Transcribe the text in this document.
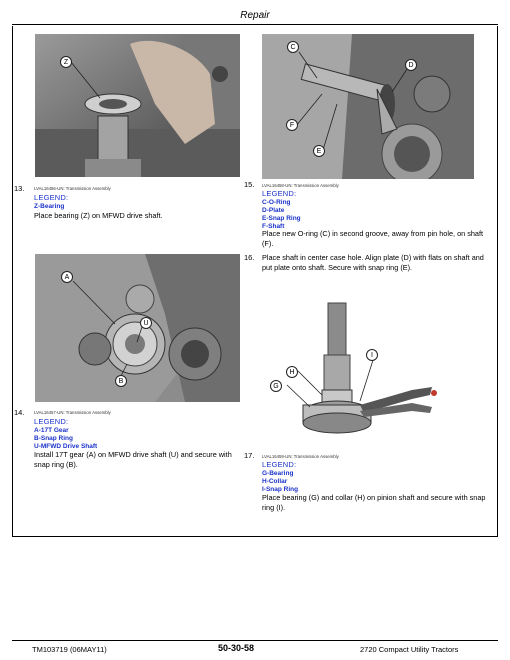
Repair
Z
C
D
F
E
13. LVAL16456-UN: Transmission Assembly
LEGEND:
Z-Bearing
Place bearing (Z) on MFWD drive shaft.
15. LVAL16458-UN: Transmission Assembly
LEGEND:
C-O-Ring
D-Plate
E-Snap Ring
F-Shaft
Place new O-ring (C) in second groove, away from pin hole, on shaft (F).
16. Place shaft in center case hole. Align plate (D) with flats on shaft and put plate onto shaft. Secure with snap ring (E).
A
U
B
H
I
G
14. LVAL16457-UN: Transmission Assembly
LEGEND:
A-17T Gear
B-Snap Ring
U-MFWD Drive Shaft
Install 17T gear (A) on MFWD drive shaft (U) and secure with snap ring (B).
17. LVAL16459-UN: Transmission Assembly
LEGEND:
G-Bearing
H-Collar
I-Snap Ring
Place bearing (G) and collar (H) on pinion shaft and secure with snap ring (I).
TM103719 (06MAY11)	50-30-58	2720 Compact Utility Tractors
